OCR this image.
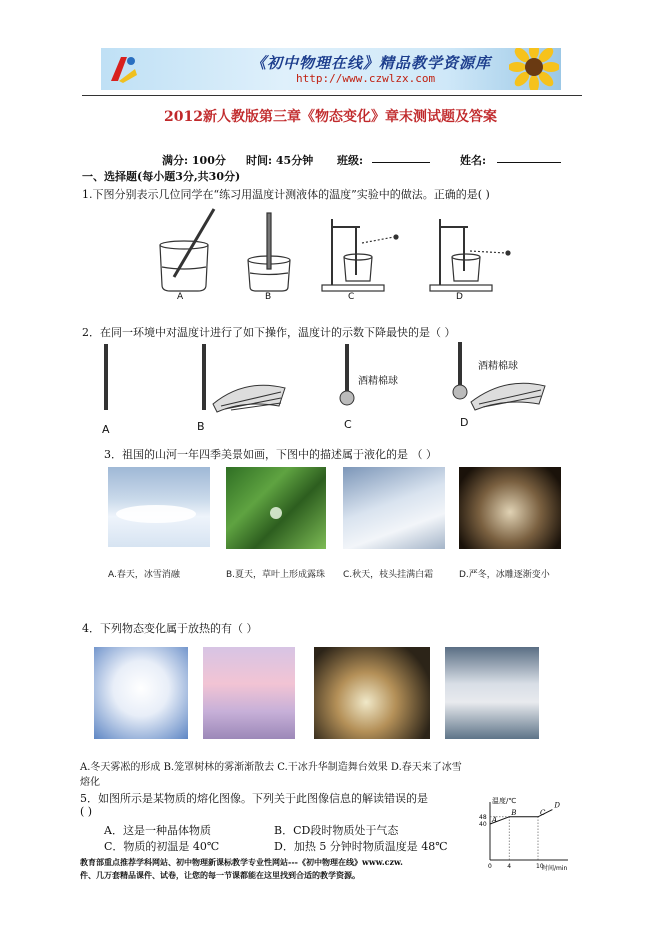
《初中物理在线》精品教学资源库
http://www.czwlzx.com
2012新人教版第三章《物态变化》章末测试题及答案
满分: 100分 时间: 45分钟 班级:	姓名:
一、选择题(每小题3分,共30分)
1.下图分别表示几位同学在“练习用温度计测液体的温度”实验中的做法。正确的是( )
A	B	C	D
2．在同一环境中对温度计进行了如下操作，温度计的示数下降最快的是（ ）
酒精棉球
酒精棉球
A	B	C	D
3．祖国的山河一年四季美景如画，下图中的描述属于液化的是 （ ）
A.春天，冰雪消融	B.夏天，草叶上形成露珠 C.秋天，枝头挂满白霜	D.严冬，冰雕逐渐变小
4．下列物态变化属于放热的有（ ）
A.冬天雾凇的形成 B.笼罩树林的雾渐渐散去 C.干冰升华制造舞台效果 D.春天来了冰雪
熔化
5．如图所示是某物质的熔化图像。下列关于此图像信息的解读错误的是
( )
A．这是一种晶体物质	B．CD段时物质处于气态
C．物质的初温是 40℃	D．加热 5 分钟时物质温度是 48℃
温度/℃
时间/min
0	4	10
40
48 A
B	C
D
教育部重点推荐学科网站、初中物理新课标教学专业性网站---《初中物理在线》www.czw.
件、几万套精品课件、试卷，让您的每一节课都能在这里找到合适的教学资源。
